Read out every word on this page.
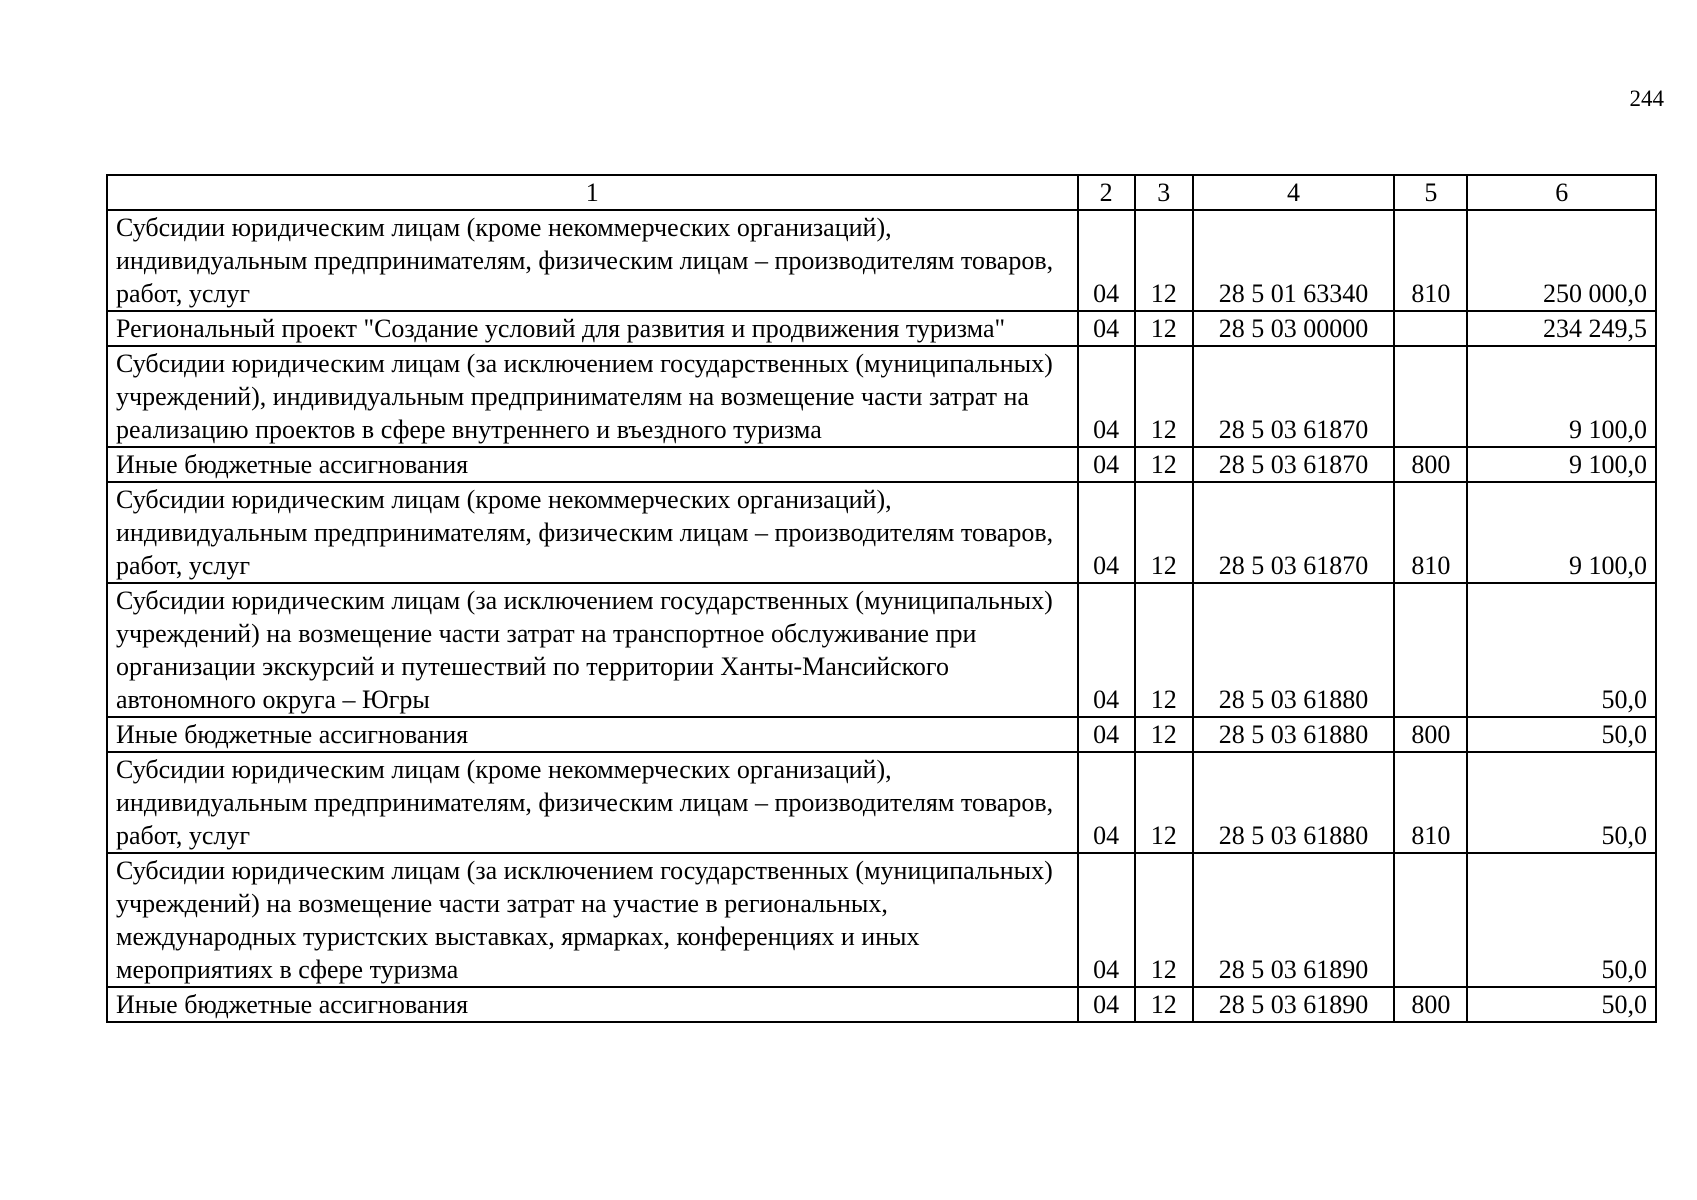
244
1	2	3	4	5	6
Субсидии юридическим лицам (кроме некоммерческих организаций), индивидуальным предпринимателям, физическим лицам – производителям товаров, работ, услуг	04	12	28 5 01 63340	810	250 000,0
Региональный проект "Создание условий для развития и продвижения туризма"	04	12	28 5 03 00000		234 249,5
Субсидии юридическим лицам (за исключением государственных (муниципальных) учреждений), индивидуальным предпринимателям на возмещение части затрат на реализацию проектов в сфере внутреннего и въездного туризма	04	12	28 5 03 61870		9 100,0
Иные бюджетные ассигнования	04	12	28 5 03 61870	800	9 100,0
Субсидии юридическим лицам (кроме некоммерческих организаций), индивидуальным предпринимателям, физическим лицам – производителям товаров, работ, услуг	04	12	28 5 03 61870	810	9 100,0
Субсидии юридическим лицам (за исключением государственных (муниципальных) учреждений) на возмещение части затрат на транспортное обслуживание при организации экскурсий и путешествий по территории Ханты-Мансийского автономного округа – Югры	04	12	28 5 03 61880		50,0
Иные бюджетные ассигнования	04	12	28 5 03 61880	800	50,0
Субсидии юридическим лицам (кроме некоммерческих организаций), индивидуальным предпринимателям, физическим лицам – производителям товаров, работ, услуг	04	12	28 5 03 61880	810	50,0
Субсидии юридическим лицам (за исключением государственных (муниципальных) учреждений) на возмещение части затрат на участие в региональных, международных туристских выставках, ярмарках, конференциях и иных мероприятиях в сфере туризма	04	12	28 5 03 61890		50,0
Иные бюджетные ассигнования	04	12	28 5 03 61890	800	50,0
